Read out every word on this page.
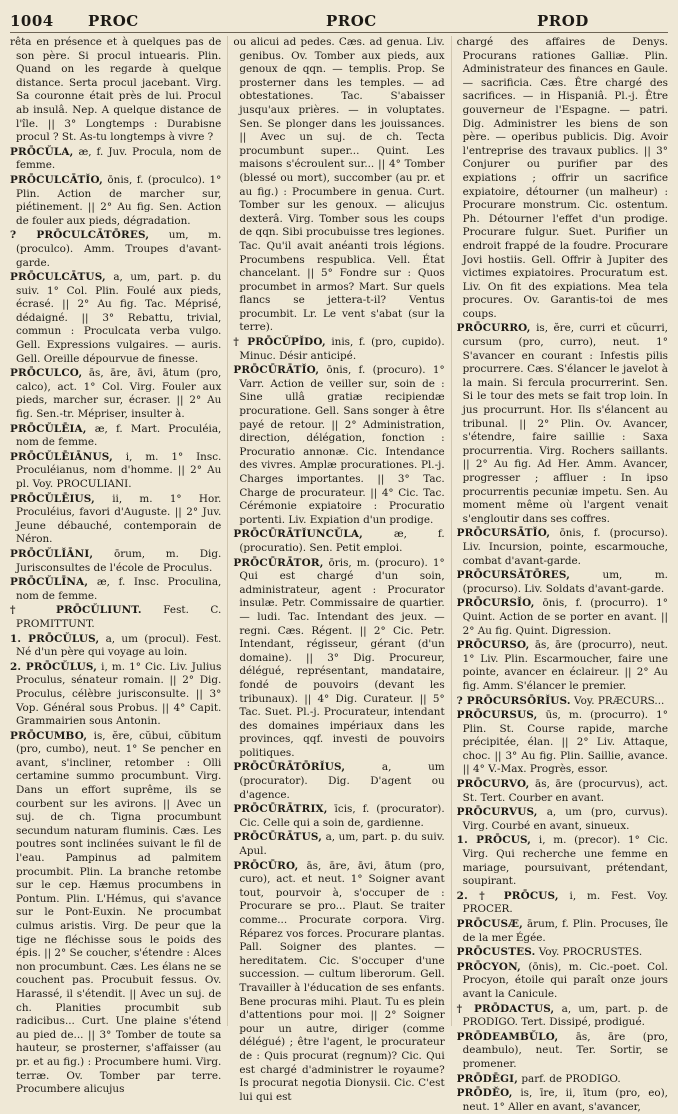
1004 PROC	PROC	PROD

rêta en présence et à quelques pas de son père. Si procul intuearis. Plin. Quand on les regarde à quelque distance. Serta procul jacebant. Virg. Sa couronne était près de lui. Procul ab insulâ. Nep. A quelque distance de l'île. || 3° Longtemps : Durabisne procul ? St. As-tu longtemps à vivre ?

PRŌCŬLA, æ, f. Juv. Procula, nom de femme.

PRŌCULCĀTĬO, ōnis, f. (proculco). 1° Plin. Action de marcher sur, piétinement. || 2° Au fig. Sen. Action de fouler aux pieds, dégradation.

? PRŌCULCĀTŌRES, um, m. (proculco). Amm. Troupes d'avant-garde.

PRŌCULCĀTUS, a, um, part. p. du suiv. 1° Col. Plin. Foulé aux pieds, écrasé. || 2° Au fig. Tac. Méprisé, dédaigné. || 3° Rebattu, trivial, commun : Proculcata verba vulgo. Gell. Expressions vulgaires. — auris. Gell. Oreille dépourvue de finesse.

PRŌCULCO, ās, āre, āvi, ātum (pro, calco), act. 1° Col. Virg. Fouler aux pieds, marcher sur, écraser. || 2° Au fig. Sen.-tr. Mépriser, insulter à.

PRŌCŬLĒIA, æ, f. Mart. Proculéia, nom de femme.

PRŌCŬLĒIĀNUS, i, m. 1° Insc. Proculéianus, nom d'homme. || 2° Au pl. Voy. PROCULIANI.

PRŌCŬLĒIUS, ii, m. 1° Hor. Proculéius, favori d'Auguste. || 2° Juv. Jeune débauché, contemporain de Néron.

PRŌCŬLĬĀNI, ōrum, m. Dig. Jurisconsultes de l'école de Proculus.

PRŌCŬLĪNA, æ, f. Insc. Proculina, nom de femme.

† PRŌCŬLIUNT. Fest. C. PROMITTUNT.

1. PRŌCŬLUS, a, um (procul). Fest. Né d'un père qui voyage au loin.

2. PRŌCŬLUS, i, m. 1° Cic. Liv. Julius Proculus, sénateur romain. || 2° Dig. Proculus, célèbre jurisconsulte. || 3° Vop. Général sous Probus. || 4° Capit. Grammairien sous Antonin.

PRŌCUMBO, is, ĕre, cŭbui, cŭbitum (pro, cumbo), neut. 1° Se pencher en avant, s'incliner, retomber : Olli certamine summo procumbunt. Virg. Dans un effort suprême, ils se courbent sur les avirons. || Avec un suj. de ch. Tigna procumbunt secundum naturam fluminis. Cæs. Les poutres sont inclinées suivant le fil de l'eau. Pampinus ad palmitem procumbit. Plin. La branche retombe sur le cep. Hæmus procumbens in Pontum. Plin. L'Hémus, qui s'avance sur le Pont-Euxin. Ne procumbat culmus aristis. Virg. De peur que la tige ne fléchisse sous le poids des épis. || 2° Se coucher, s'étendre : Alces non procumbunt. Cæs. Les élans ne se couchent pas. Procubuit fessus. Ov. Harassé, il s'étendit. || Avec un suj. de ch. Planities procumbit sub radicibus... Curt. Une plaine s'étend au pied de... || 3° Tomber de toute sa hauteur, se prosterner, s'affaisser (au pr. et au fig.) : Procumbere humi. Virg. terræ. Ov. Tomber par terre. Procumbere alicujus

ou alicui ad pedes. Cæs. ad genua. Liv. genibus. Ov. Tomber aux pieds, aux genoux de qqn. — templis. Prop. Se prosterner dans les temples. — ad obtestationes. Tac. S'abaisser jusqu'aux prières. — in voluptates. Sen. Se plonger dans les jouissances. || Avec un suj. de ch. Tecta procumbunt super... Quint. Les maisons s'écroulent sur... || 4° Tomber (blessé ou mort), succomber (au pr. et au fig.) : Procumbere in genua. Curt. Tomber sur les genoux. — alicujus dexterâ. Virg. Tomber sous les coups de qqn. Sibi procubuisse tres legiones. Tac. Qu'il avait anéanti trois légions. Procumbens respublica. Vell. État chancelant. || 5° Fondre sur : Quos procumbet in armos? Mart. Sur quels flancs se jettera-t-il? Ventus procumbit. Lr. Le vent s'abat (sur la terre).

† PRŌCŬPĬDO, inis, f. (pro, cupido). Minuc. Désir anticipé.

PRŌCŪRĀTĬO, ōnis, f. (procuro). 1° Varr. Action de veiller sur, soin de : Sine ullâ gratiæ recipiendæ procuratione. Gell. Sans songer à être payé de retour. || 2° Administration, direction, délégation, fonction : Procuratio annonæ. Cic. Intendance des vivres. Amplæ procurationes. Pl.-j. Charges importantes. || 3° Tac. Charge de procurateur. || 4° Cic. Tac. Cérémonie expiatoire : Procuratio portenti. Liv. Expiation d'un prodige.

PRŌCŪRĀTĬUNCŬLA,	æ, f. (procuratio). Sen. Petit emploi.

PRŌCŪRĀTOR, ōris, m. (procuro). 1° Qui est chargé d'un soin, administrateur, agent : Procurator insulæ. Petr. Commissaire de quartier. — ludi. Tac. Intendant des jeux. — regni. Cæs. Régent. || 2° Cic. Petr. Intendant, régisseur, gérant (d'un domaine). || 3° Dig. Procureur, délégué, représentant, mandataire, fondé de pouvoirs (devant les tribunaux). || 4° Dig. Curateur. || 5° Tac. Suet. Pl.-j. Procurateur, intendant des domaines impériaux dans les provinces, qqf. investi de pouvoirs politiques.

PRŌCŪRĀTŌRĬUS,	a, um (procurator). Dig. D'agent ou d'agence.

PRŌCŪRĀTRIX, īcis, f. (procurator). Cic. Celle qui a soin de, gardienne.

PRŌCŪRĀTUS, a, um, part. p. du suiv. Apul.

PRŌCŪRO, ās, āre, āvi, ātum (pro, curo), act. et neut. 1° Soigner avant tout, pourvoir à, s'occuper de : Procurare se pro... Plaut. Se traiter comme... Procurate corpora. Virg. Réparez vos forces. Procurare plantas. Pall. Soigner des plantes. — hereditatem. Cic. S'occuper d'une succession. — cultum liberorum. Gell. Travailler à l'éducation de ses enfants. Bene procuras mihi. Plaut. Tu es plein d'attentions pour moi. || 2° Soigner pour un autre, diriger (comme délégué) ; être l'agent, le procurateur de : Quis procurat (regnum)? Cic. Qui est chargé d'administrer le royaume? Is procurat negotia Dionysii. Cic. C'est lui qui est

chargé des affaires de Denys. Procurans rationes Galliæ. Plin. Administrateur des finances en Gaule. — sacrificia. Cæs. Être chargé des sacrifices. — in Hispaniâ. Pl.-j. Être gouverneur de l'Espagne. — patri. Dig. Administrer les biens de son père. — operibus publicis. Dig. Avoir l'entreprise des travaux publics. || 3° Conjurer ou purifier par des expiations ; offrir un sacrifice expiatoire, détourner (un malheur) : Procurare monstrum. Cic. ostentum. Ph. Détourner l'effet d'un prodige. Procurare fulgur. Suet. Purifier un endroit frappé de la foudre. Procurare Jovi hostiis. Gell. Offrir à Jupiter des victimes expiatoires. Procuratum est. Liv. On fit des expiations. Mea tela procures. Ov. Garantis-toi de mes coups.

PRŌCURRO, is, ĕre, curri et cŭcurri, cursum (pro, curro), neut. 1° S'avancer en courant : Infestis pilis procurrere. Cæs. S'élancer le javelot à la main. Si fercula procurrerint. Sen. Si le tour des mets se fait trop loin. In jus procurrunt. Hor. Ils s'élancent au tribunal. || 2° Plin. Ov. Avancer, s'étendre, faire saillie : Saxa procurrentia. Virg. Rochers saillants. || 2° Au fig. Ad Her. Amm. Avancer, progresser ; affluer : In ipso procurrentis pecuniæ impetu. Sen. Au moment même où l'argent venait s'engloutir dans ses coffres.

PRŌCURSĀTĬO, ōnis, f. (procurso). Liv. Incursion, pointe, escarmouche, combat d'avant-garde.

PRŌCURSĀTŌRES,	um, m. (procurso). Liv. Soldats d'avant-garde.

PRŌCURSĬO, ōnis, f. (procurro). 1° Quint. Action de se porter en avant. || 2° Au fig. Quint. Digression.

PRŌCURSO, ās, āre (procurro), neut. 1° Liv. Plin. Escarmoucher, faire une pointe, avancer en éclaireur. || 2° Au fig. Amm. S'élancer le premier.

? PRŌCURSŌRĬUS. Voy. PRÆCURS...

PRŌCURSUS, ūs, m. (procurro). 1° Plin. St. Course rapide, marche précipitée, élan. || 2° Liv. Attaque, choc. || 3° Au fig. Plin. Saillie, avance. || 4° V.-Max. Progrès, essor.

PRŌCURVO, ās, āre (procurvus), act. St. Tert. Courber en avant.

PRŌCURVUS, a, um (pro, curvus). Virg. Courbé en avant, sinueux.

1. PRŌCUS, i, m. (precor). 1° Cic. Virg. Qui recherche une femme en mariage, poursuivant, prétendant, soupirant.

2. † PRŌCUS, i, m. Fest. Voy. PROCER.

PRŌCUSÆ, ārum, f. Plin. Procuses, île de la mer Égée.

PRŌCUSTES. Voy. PROCRUSTES.

PRŌCYON, (ōnis), m. Cic.-poet. Col. Procyon, étoile qui paraît onze jours avant la Canicule.

† PRŌDACTUS, a, um, part. p. de PRODIGO. Tert. Dissipé, prodigué.

PRŌDEAMBŬLO, ās, āre (pro, deambulo), neut. Ter. Sortir, se promener.

PRŌDĒGI, parf. de PRODIGO.

PRŌDĔO, is, īre, ii, ītum (pro, eo), neut. 1° Aller en avant, s'avancer,
